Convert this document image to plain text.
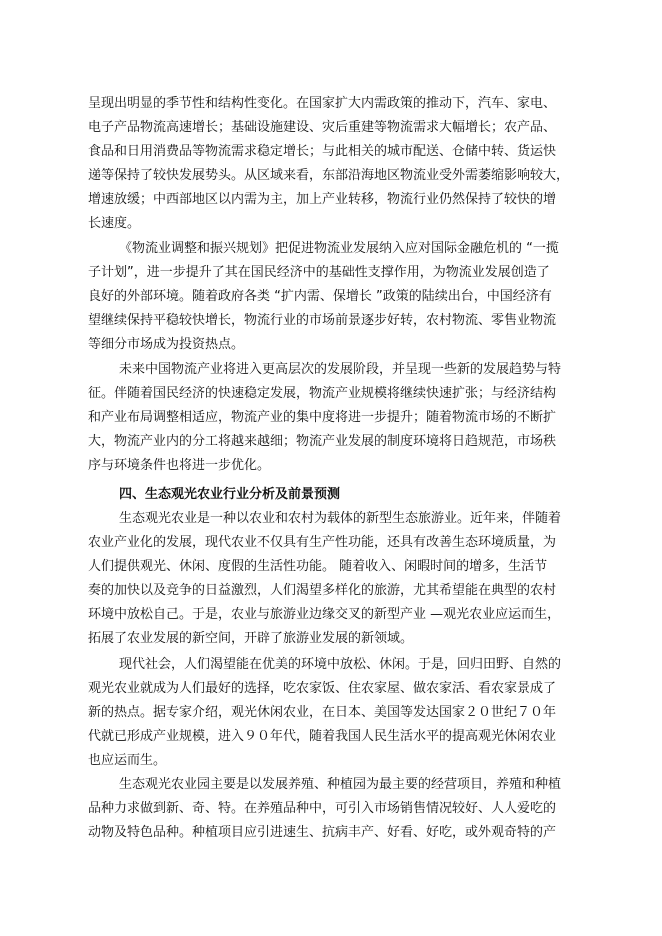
呈现出明显的季节性和结构性变化。在国家扩大内需政策的推动下，汽车、家电、
电子产品物流高速增长；基础设施建设、灾后重建等物流需求大幅增长；农产品、
食品和日用消费品等物流需求稳定增长；与此相关的城市配送、仓储中转、货运快
递等保持了较快发展势头。从区域来看，东部沿海地区物流业受外需萎缩影响较大，
增速放缓；中西部地区以内需为主，加上产业转移，物流行业仍然保持了较快的增
长速度。
《物流业调整和振兴规划》把促进物流业发展纳入应对国际金融危机的 “一揽
子计划”，进一步提升了其在国民经济中的基础性支撑作用，为物流业发展创造了
良好的外部环境。随着政府各类 “扩内需、保增长 ”政策的陆续出台，中国经济有
望继续保持平稳较快增长，物流行业的市场前景逐步好转，农村物流、零售业物流
等细分市场成为投资热点。
未来中国物流产业将进入更高层次的发展阶段，并呈现一些新的发展趋势与特
征。伴随着国民经济的快速稳定发展，物流产业规模将继续快速扩张；与经济结构
和产业布局调整相适应，物流产业的集中度将进一步提升；随着物流市场的不断扩
大，物流产业内的分工将越来越细；物流产业发展的制度环境将日趋规范，市场秩
序与环境条件也将进一步优化。
四、生态观光农业行业分析及前景预测
生态观光农业是一种以农业和农村为载体的新型生态旅游业。近年来，伴随着
农业产业化的发展，现代农业不仅具有生产性功能，还具有改善生态环境质量，为
人们提供观光、休闲、度假的生活性功能。 随着收入、闲暇时间的增多，生活节
奏的加快以及竞争的日益激烈，人们渴望多样化的旅游，尤其希望能在典型的农村
环境中放松自己。于是，农业与旅游业边缘交叉的新型产业 —观光农业应运而生，
拓展了农业发展的新空间，开辟了旅游业发展的新领域。
现代社会，人们渴望能在优美的环境中放松、休闲。于是，回归田野、自然的
观光农业就成为人们最好的选择，吃农家饭、住农家屋、做农家活、看农家景成了
新的热点。据专家介绍，观光休闲农业，在日本、美国等发达国家２０世纪７０年
代就已形成产业规模，进入９０年代，随着我国人民生活水平的提高观光休闲农业
也应运而生。
生态观光农业园主要是以发展养殖、种植园为最主要的经营项目，养殖和种植
品种力求做到新、奇、特。在养殖品种中，可引入市场销售情况较好、人人爱吃的
动物及特色品种。种植项目应引进速生、抗病丰产、好看、好吃，或外观奇特的产
